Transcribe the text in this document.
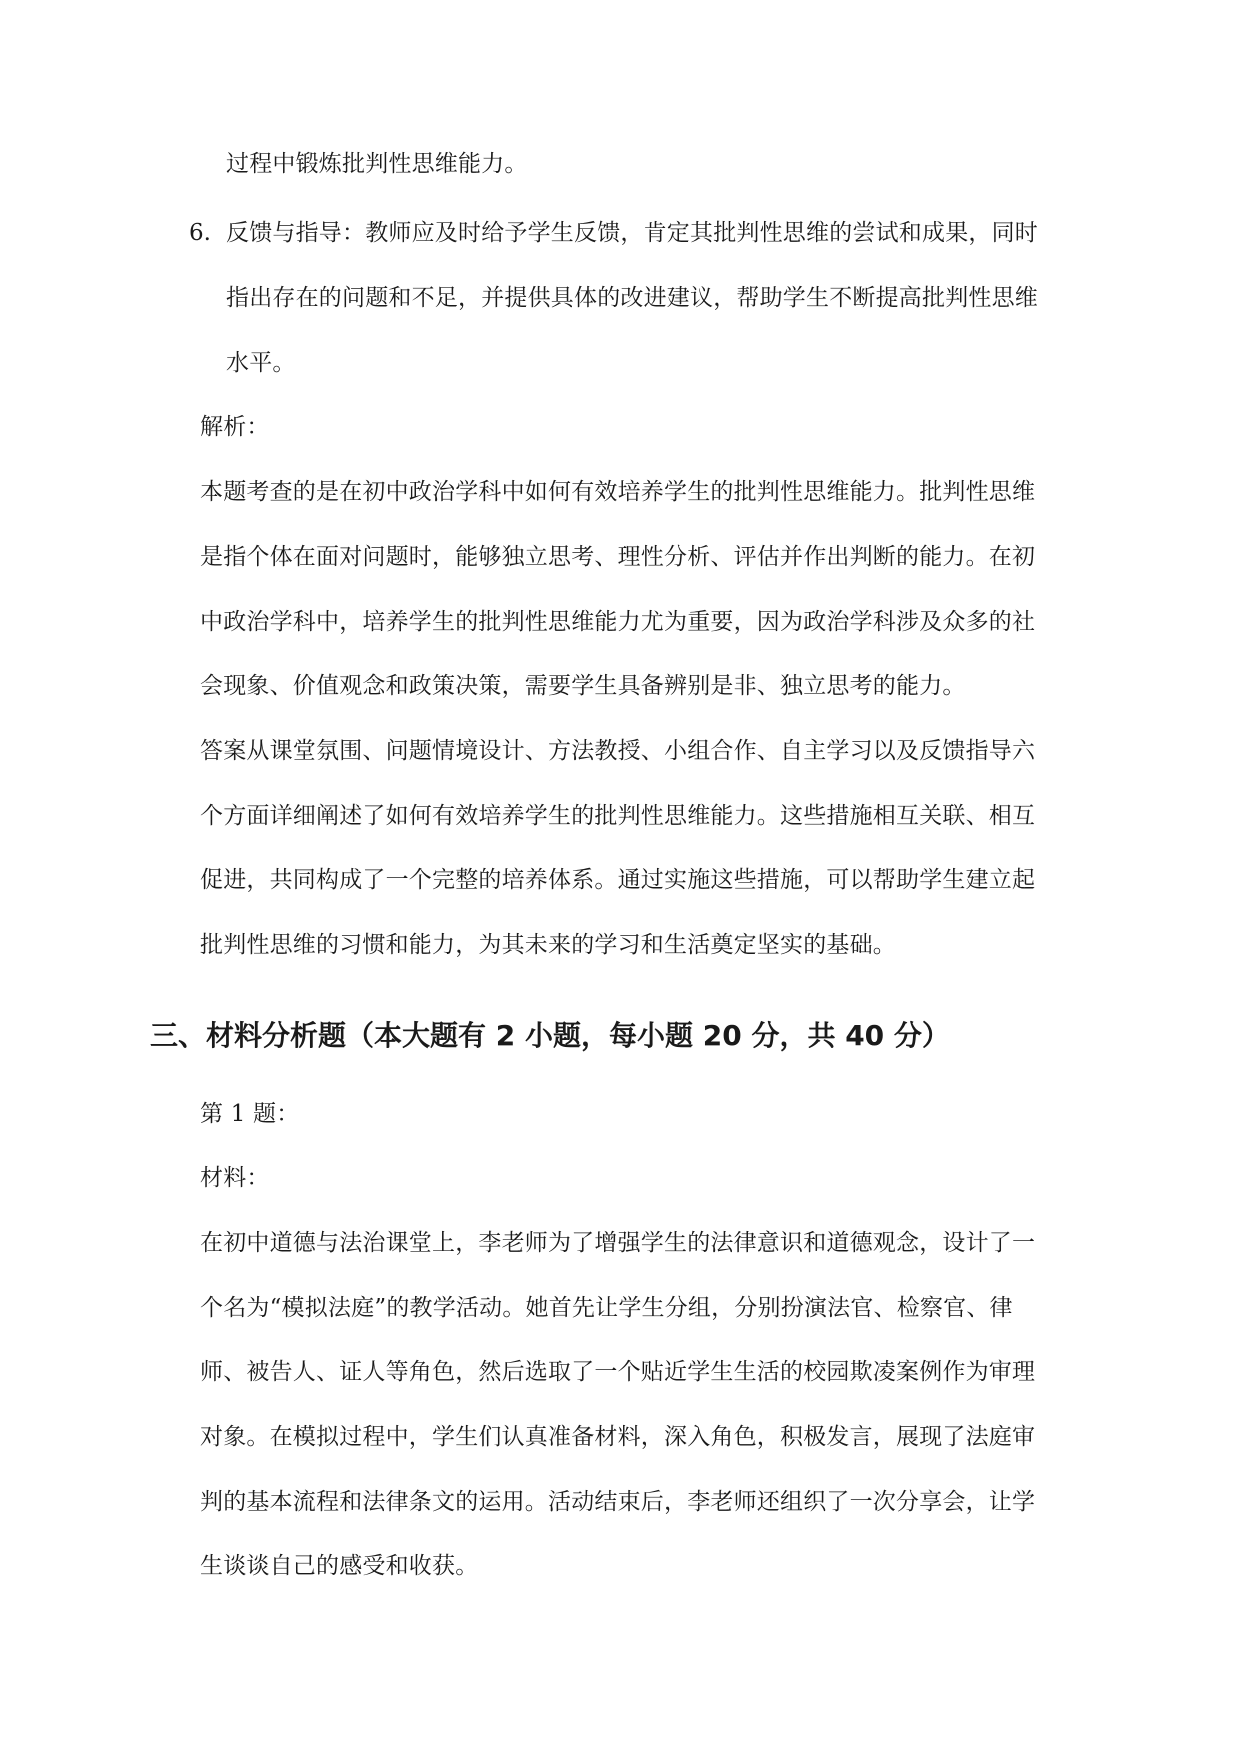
过程中锻炼批判性思维能力。

6. 反馈与指导：教师应及时给予学生反馈，肯定其批判性思维的尝试和成果，同时

指出存在的问题和不足，并提供具体的改进建议，帮助学生不断提高批判性思维

水平。

解析：

本题考查的是在初中政治学科中如何有效培养学生的批判性思维能力。批判性思维

是指个体在面对问题时，能够独立思考、理性分析、评估并作出判断的能力。在初

中政治学科中，培养学生的批判性思维能力尤为重要，因为政治学科涉及众多的社

会现象、价值观念和政策决策，需要学生具备辨别是非、独立思考的能力。

答案从课堂氛围、问题情境设计、方法教授、小组合作、自主学习以及反馈指导六

个方面详细阐述了如何有效培养学生的批判性思维能力。这些措施相互关联、相互

促进，共同构成了一个完整的培养体系。通过实施这些措施，可以帮助学生建立起

批判性思维的习惯和能力，为其未来的学习和生活奠定坚实的基础。

三、材料分析题（本大题有 2 小题，每小题 20 分，共 40 分）

第 1 题：

材料：

在初中道德与法治课堂上，李老师为了增强学生的法律意识和道德观念，设计了一

个名为“模拟法庭”的教学活动。她首先让学生分组，分别扮演法官、检察官、律

师、被告人、证人等角色，然后选取了一个贴近学生生活的校园欺凌案例作为审理

对象。在模拟过程中，学生们认真准备材料，深入角色，积极发言，展现了法庭审

判的基本流程和法律条文的运用。活动结束后，李老师还组织了一次分享会，让学

生谈谈自己的感受和收获。
